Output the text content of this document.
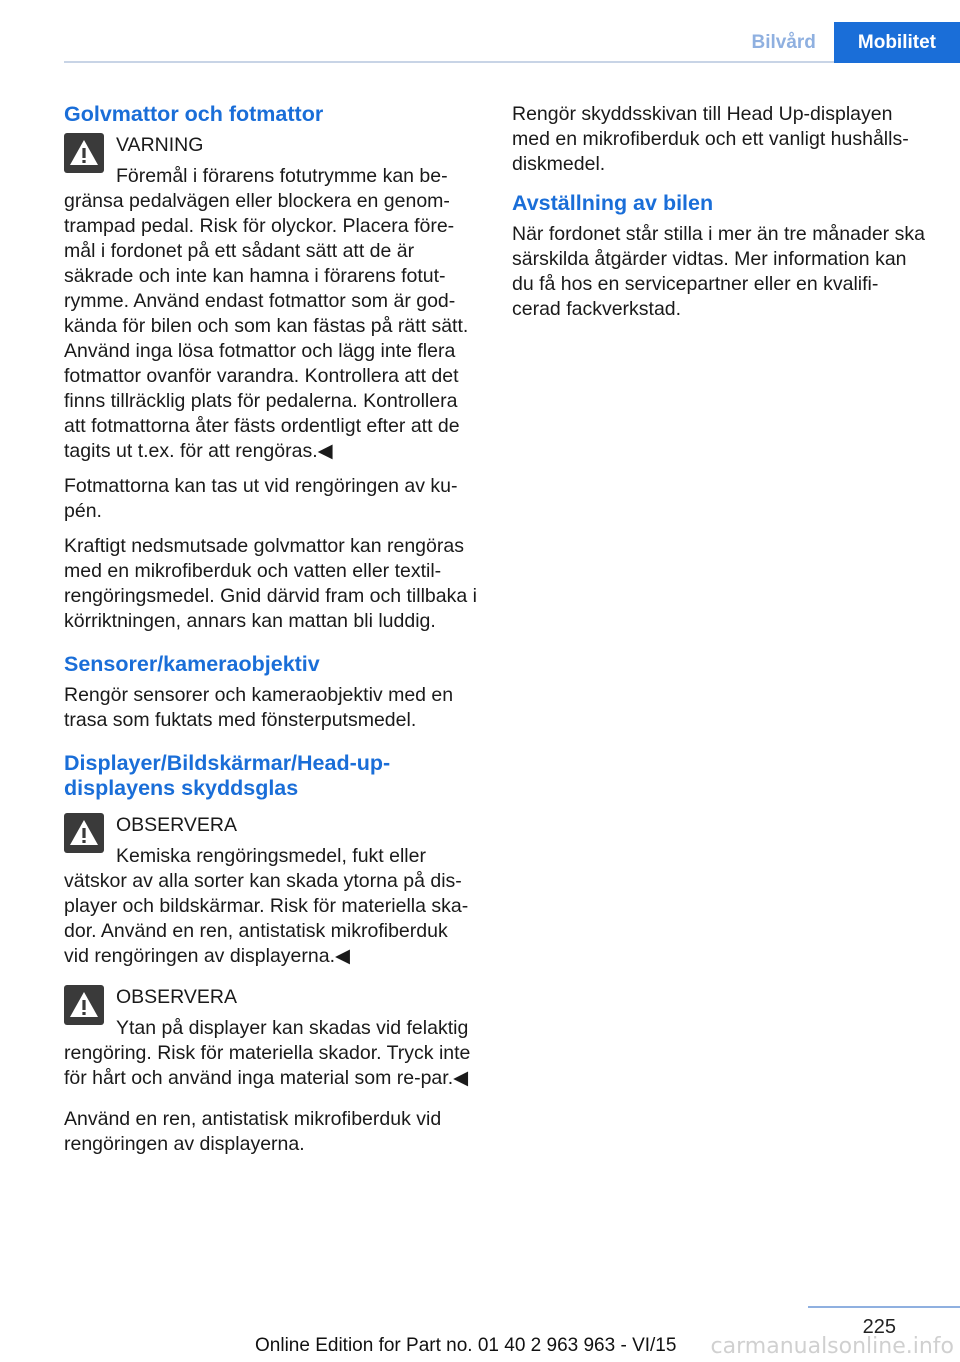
Bilvård	Mobilitet
Golvmattor och fotmattor
VARNING
Föremål i förarens fotutrymme kan be‐gränsa pedalvägen eller blockera en genom‐trampad pedal. Risk för olyckor. Placera före‐mål i fordonet på ett sådant sätt att de är säkrade och inte kan hamna i förarens fotut‐rymme. Använd endast fotmattor som är god‐kända för bilen och som kan fästas på rätt sätt. Använd inga lösa fotmattor och lägg inte flera fotmattor ovanför varandra. Kontrollera att det finns tillräcklig plats för pedalerna. Kontrollera att fotmattorna åter fästs ordentligt efter att de tagits ut t.ex. för att rengöras.◀

Fotmattorna kan tas ut vid rengöringen av ku‐pén.

Kraftigt nedsmutsade golvmattor kan rengöras med en mikrofiberduk och vatten eller textil‐rengöringsmedel. Gnid därvid fram och tillbaka i körriktningen, annars kan mattan bli luddig.

Sensorer/kameraobjektiv

Rengör sensorer och kameraobjektiv med en trasa som fuktats med fönsterputsmedel.

Displayer/Bildskärmar/Head-up-displayens skyddsglas
OBSERVERA
Kemiska rengöringsmedel, fukt eller vätskor av alla sorter kan skada ytorna på dis‐player och bildskärmar. Risk för materiella ska‐dor. Använd en ren, antistatisk mikrofiberduk vid rengöringen av displayerna.◀
OBSERVERA
Ytan på displayer kan skadas vid felaktig rengöring. Risk för materiella skador. Tryck inte för hårt och använd inga material som re‐par.◀

Använd en ren, antistatisk mikrofiberduk vid rengöringen av displayerna.

Rengör skyddsskivan till Head Up-displayen med en mikrofiberduk och ett vanligt hushålls‐diskmedel.

Avställning av bilen

När fordonet står stilla i mer än tre månader ska särskilda åtgärder vidtas. Mer information kan du få hos en servicepartner eller en kvalifi‐cerad fackverkstad.

225
Online Edition for Part no. 01 40 2 963 963 - VI/15 carmanualsonline.info
